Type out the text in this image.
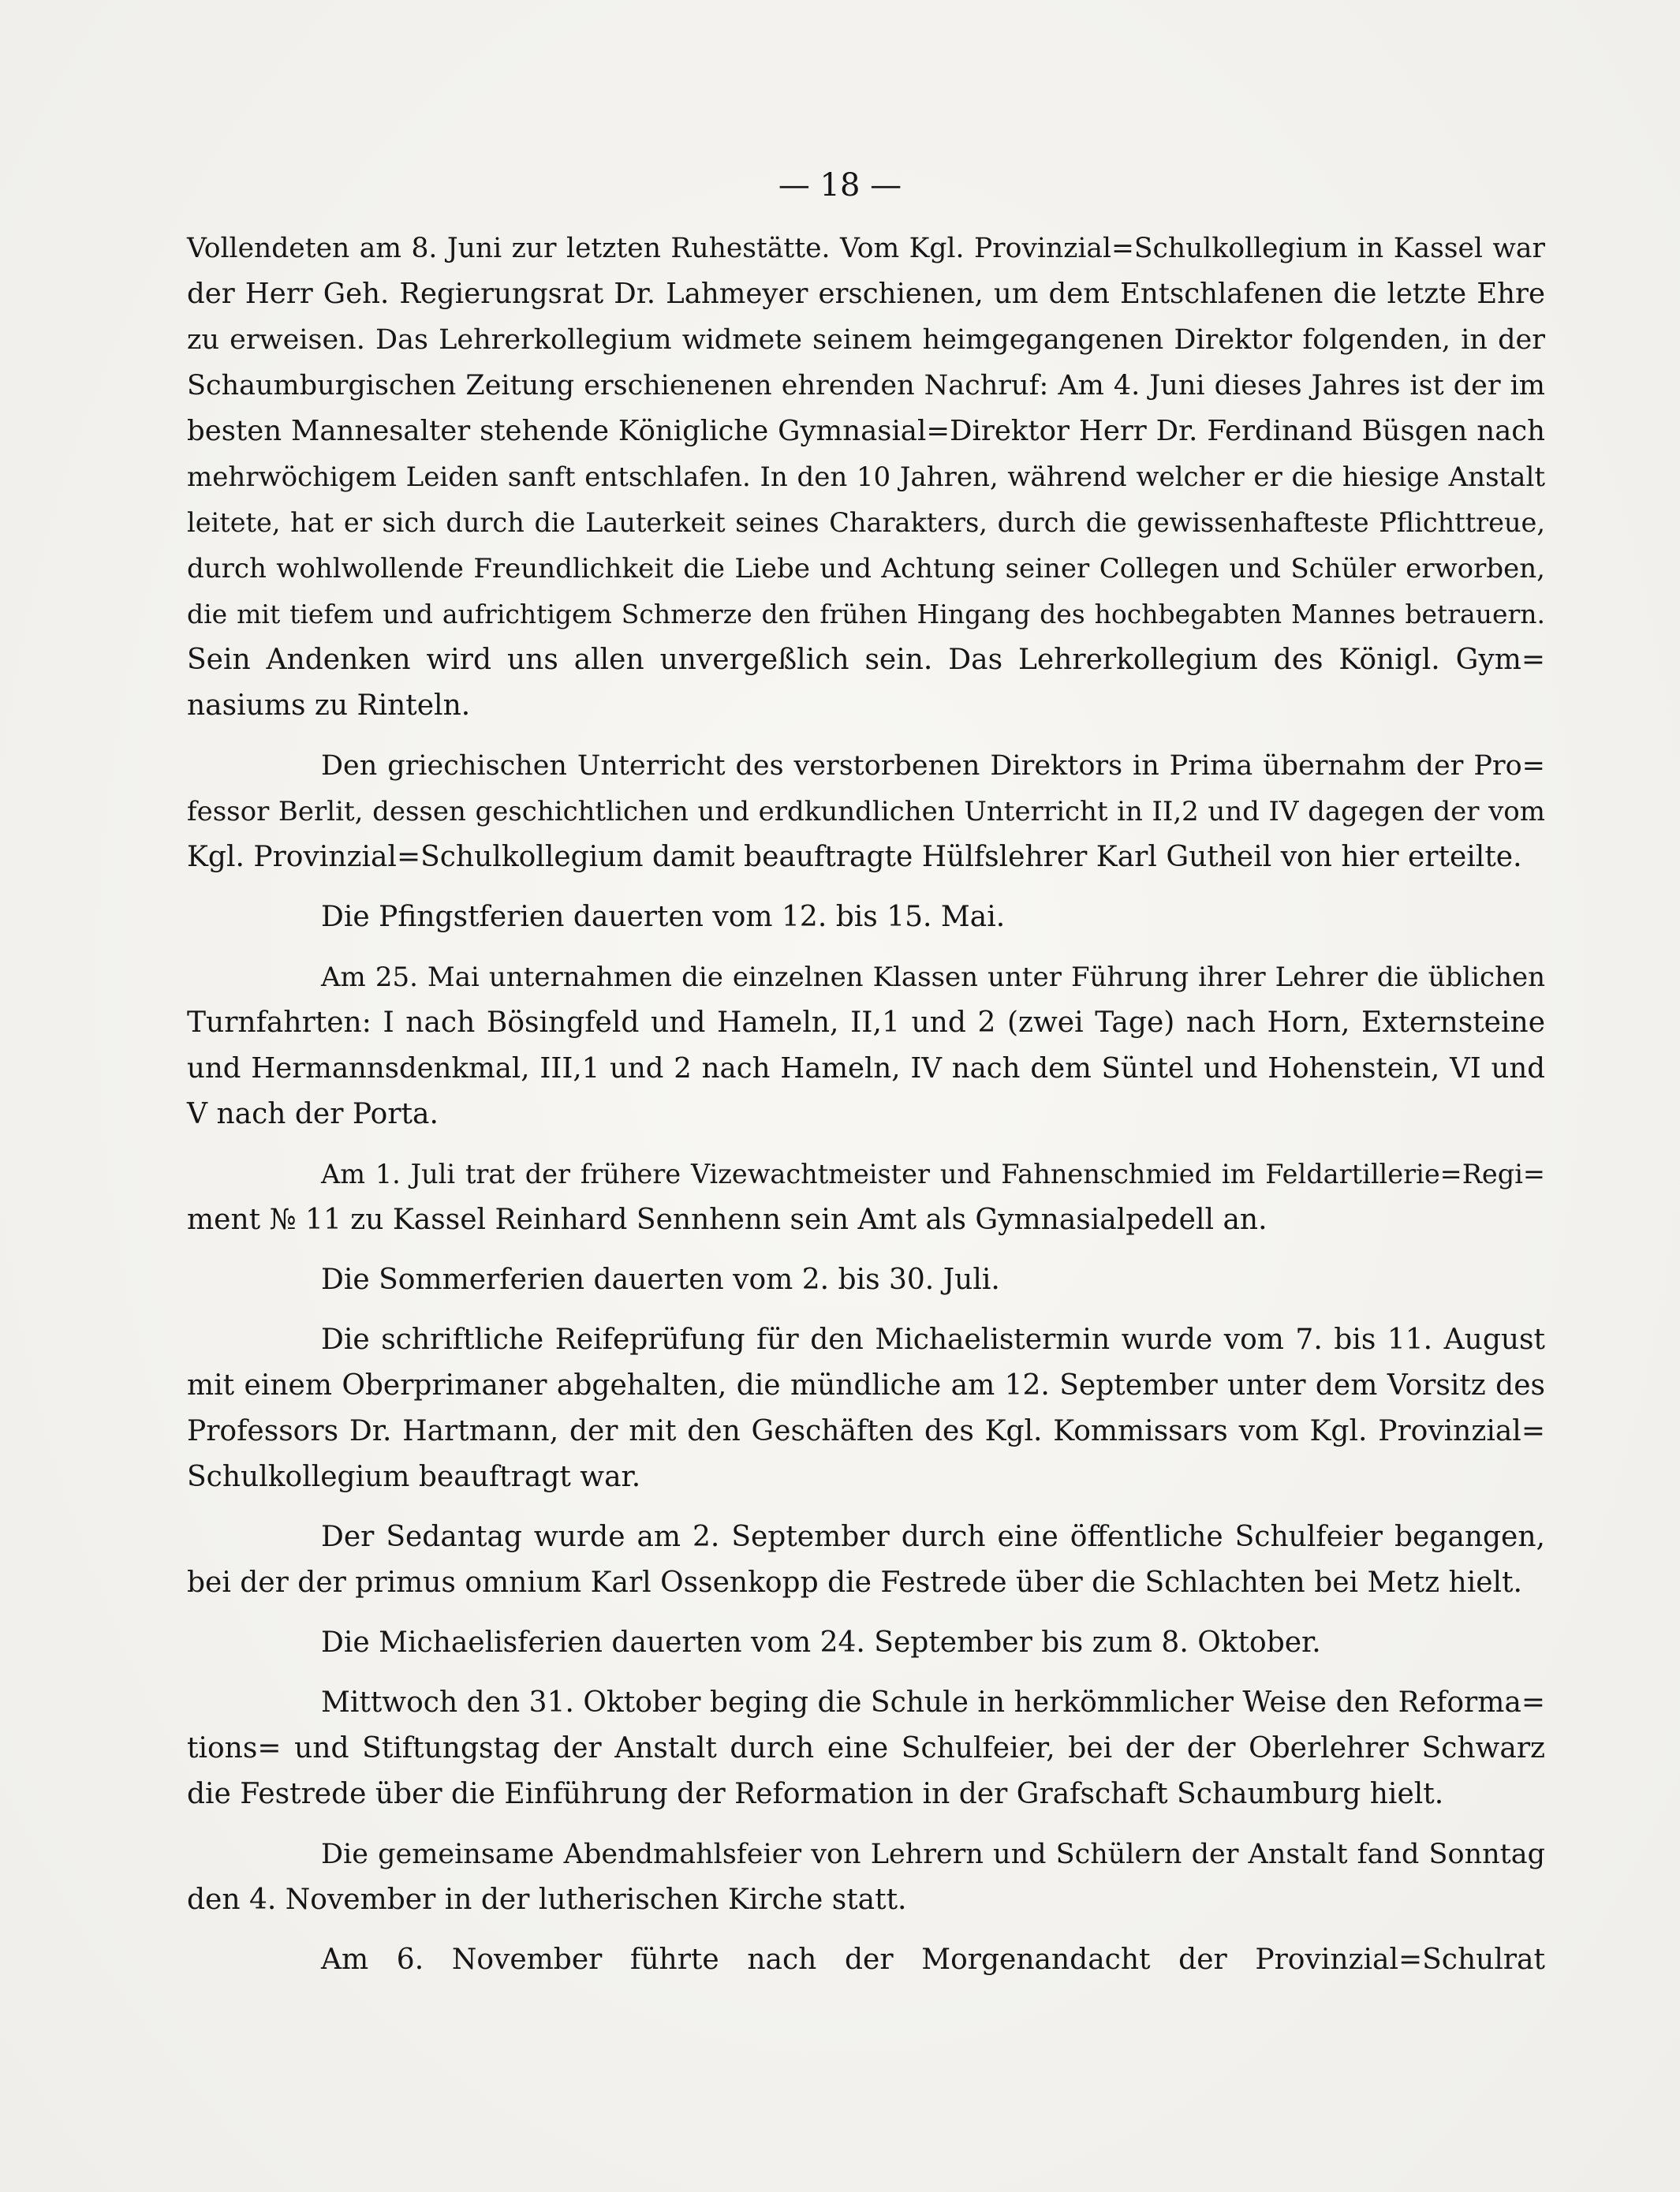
— 18 —
Vollendeten am 8. Juni zur letzten Ruhestätte. Vom Kgl. Provinzial=Schulkollegium in Kassel war
der Herr Geh. Regierungsrat Dr. Lahmeyer erschienen, um dem Entschlafenen die letzte Ehre
zu erweisen. Das Lehrerkollegium widmete seinem heimgegangenen Direktor folgenden, in der
Schaumburgischen Zeitung erschienenen ehrenden Nachruf: Am 4. Juni dieses Jahres ist der im
besten Mannesalter stehende Königliche Gymnasial=Direktor Herr Dr. Ferdinand Büsgen nach
mehrwöchigem Leiden sanft entschlafen. In den 10 Jahren, während welcher er die hiesige Anstalt
leitete, hat er sich durch die Lauterkeit seines Charakters, durch die gewissenhafteste Pflichttreue,
durch wohlwollende Freundlichkeit die Liebe und Achtung seiner Collegen und Schüler erworben,
die mit tiefem und aufrichtigem Schmerze den frühen Hingang des hochbegabten Mannes betrauern.
Sein Andenken wird uns allen unvergeßlich sein. Das Lehrerkollegium des Königl. Gym=
nasiums zu Rinteln.
Den griechischen Unterricht des verstorbenen Direktors in Prima übernahm der Pro=
fessor Berlit, dessen geschichtlichen und erdkundlichen Unterricht in II,2 und IV dagegen der vom
Kgl. Provinzial=Schulkollegium damit beauftragte Hülfslehrer Karl Gutheil von hier erteilte.
Die Pfingstferien dauerten vom 12. bis 15. Mai.
Am 25. Mai unternahmen die einzelnen Klassen unter Führung ihrer Lehrer die üblichen
Turnfahrten: I nach Bösingfeld und Hameln, II,1 und 2 (zwei Tage) nach Horn, Externsteine
und Hermannsdenkmal, III,1 und 2 nach Hameln, IV nach dem Süntel und Hohenstein, VI und
V nach der Porta.
Am 1. Juli trat der frühere Vizewachtmeister und Fahnenschmied im Feldartillerie=Regi=
ment № 11 zu Kassel Reinhard Sennhenn sein Amt als Gymnasialpedell an.
Die Sommerferien dauerten vom 2. bis 30. Juli.
Die schriftliche Reifeprüfung für den Michaelistermin wurde vom 7. bis 11. August
mit einem Oberprimaner abgehalten, die mündliche am 12. September unter dem Vorsitz des
Professors Dr. Hartmann, der mit den Geschäften des Kgl. Kommissars vom Kgl. Provinzial=
Schulkollegium beauftragt war.
Der Sedantag wurde am 2. September durch eine öffentliche Schulfeier begangen,
bei der der primus omnium Karl Ossenkopp die Festrede über die Schlachten bei Metz hielt.
Die Michaelisferien dauerten vom 24. September bis zum 8. Oktober.
Mittwoch den 31. Oktober beging die Schule in herkömmlicher Weise den Reforma=
tions= und Stiftungstag der Anstalt durch eine Schulfeier, bei der der Oberlehrer Schwarz
die Festrede über die Einführung der Reformation in der Grafschaft Schaumburg hielt.
Die gemeinsame Abendmahlsfeier von Lehrern und Schülern der Anstalt fand Sonntag
den 4. November in der lutherischen Kirche statt.
Am 6. November führte nach der Morgenandacht der Provinzial=Schulrat
